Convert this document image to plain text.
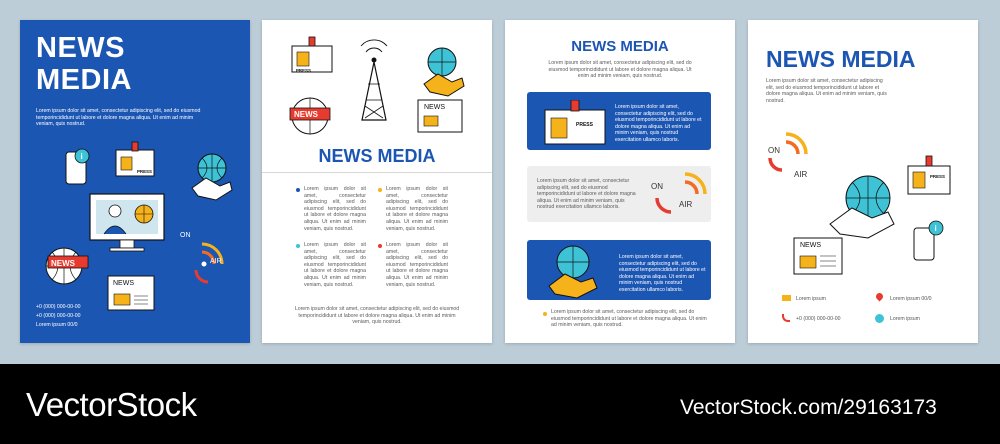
NEWS
MEDIA
Lorem ipsum dolor sit amet, consectetur adipiscing elit, sed do eiusmod temporincididunt ut labore et dolore magna aliqua. Ut enim ad minim veniam, quis nostrud.
i
NEWS
PRESS
NEWS
ON
AIR
+0 (000) 000-00-00
+0 (000) 000-00-00
Lorem ipsum 00/0
PRESS
NEWS
NEWS
NEWS MEDIA
Lorem ipsum dolor sit amet, consectetur adipiscing elit, sed do eiusmod temporincididunt ut labore et dolore magna aliqua. Ut enim ad minim veniam, quis nostrud.
Lorem ipsum dolor sit amet, consectetur adipiscing elit, sed do eiusmod temporincididunt ut labore et dolore magna aliqua. Ut enim ad minim veniam, quis nostrud.
Lorem ipsum dolor sit amet, consectetur adipiscing elit, sed do eiusmod temporincididunt ut labore et dolore magna aliqua. Ut enim ad minim veniam, quis nostrud.
Lorem ipsum dolor sit amet, consectetur adipiscing elit, sed do eiusmod temporincididunt ut labore et dolore magna aliqua. Ut enim ad minim veniam, quis nostrud.
Lorem ipsum dolor sit amet, consectetur adipiscing elit, sed do eiusmod temporincididunt ut labore et dolore magna aliqua. Ut enim ad minim veniam, quis nostrud.
NEWS MEDIA
Lorem ipsum dolor sit amet, consectetur adipiscing elit, sed do eiusmod temporincididunt ut labore et dolore magna aliqua. Ut enim ad minim veniam, quis nostrud.
PRESS
Lorem ipsum dolor sit amet, consectetur adipiscing elit, sed do eiusmod temporincididunt ut labore et dolore magna aliqua. Ut enim ad minim veniam, quis nostrud exercitation ullamco laboris.
Lorem ipsum dolor sit amet, consectetur adipiscing elit, sed do eiusmod temporincididunt ut labore et dolore magna aliqua. Ut enim ad minim veniam, quis nostrud exercitation ullamco laboris.
ON
AIR
Lorem ipsum dolor sit amet, consectetur adipiscing elit, sed do eiusmod temporincididunt ut labore et dolore magna aliqua. Ut enim ad minim veniam, quis nostrud exercitation ullamco laboris.
Lorem ipsum dolor sit amet, consectetur adipiscing elit, sed do eiusmod temporincididunt ut labore et dolore magna aliqua. Ut enim ad minim veniam, quis nostrud.
NEWS MEDIA
Lorem ipsum dolor sit amet, consectetur adipiscing elit, sed do eiusmod temporincididunt ut labore et dolore magna aliqua. Ut enim ad minim veniam, quis nostrud.
i
ON
AIR	PRESS
NEWS
Lorem ipsum	Lorem ipsum 00/0
+0 (000) 000-00-00	Lorem ipsum
VectorStock	VectorStock.com/29163173
